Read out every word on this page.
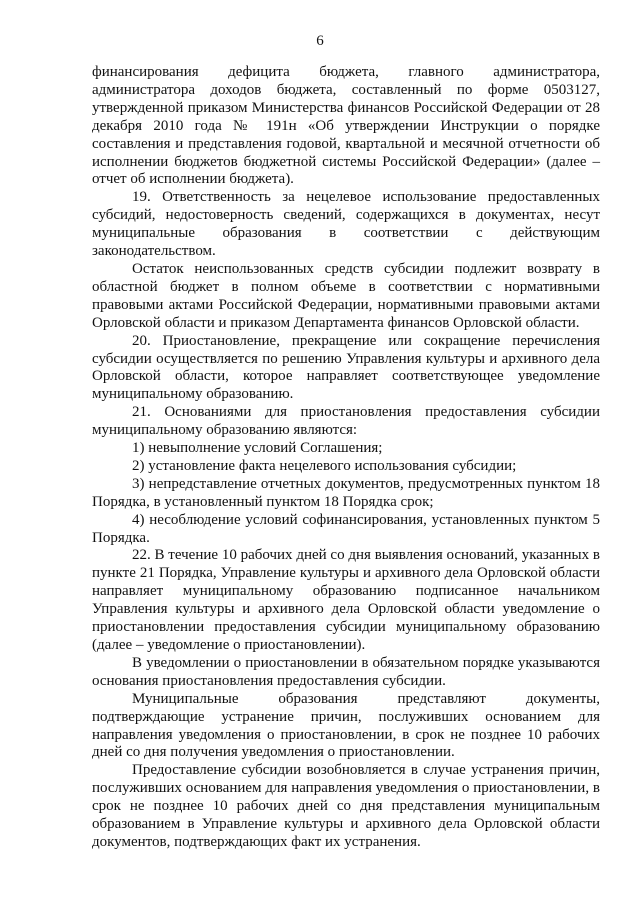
6

финансирования дефицита бюджета, главного администратора, администратора доходов бюджета, составленный по форме 0503127, утвержденной приказом Министерства финансов Российской Федерации от 28 декабря 2010 года № 191н «Об утверждении Инструкции о порядке составления и представления годовой, квартальной и месячной отчетности об исполнении бюджетов бюджетной системы Российской Федерации» (далее – отчет об исполнении бюджета).

19. Ответственность за нецелевое использование предоставленных субсидий, недостоверность сведений, содержащихся в документах, несут муниципальные образования в соответствии с действующим законодательством.

Остаток неиспользованных средств субсидии подлежит возврату в областной бюджет в полном объеме в соответствии с нормативными правовыми актами Российской Федерации, нормативными правовыми актами Орловской области и приказом Департамента финансов Орловской области.

20. Приостановление, прекращение или сокращение перечисления субсидии осуществляется по решению Управления культуры и архивного дела Орловской области, которое направляет соответствующее уведомление муниципальному образованию.

21. Основаниями для приостановления предоставления субсидии муниципальному образованию являются:

1) невыполнение условий Соглашения;

2) установление факта нецелевого использования субсидии;

3) непредставление отчетных документов, предусмотренных пунктом 18 Порядка, в установленный пунктом 18 Порядка срок;

4) несоблюдение условий софинансирования, установленных пунктом 5 Порядка.

22. В течение 10 рабочих дней со дня выявления оснований, указанных в пункте 21 Порядка, Управление культуры и архивного дела Орловской области направляет муниципальному образованию подписанное начальником Управления культуры и архивного дела Орловской области уведомление о приостановлении предоставления субсидии муниципальному образованию (далее – уведомление о приостановлении).

В уведомлении о приостановлении в обязательном порядке указываются основания приостановления предоставления субсидии.

Муниципальные образования представляют документы, подтверждающие устранение причин, послуживших основанием для направления уведомления о приостановлении, в срок не позднее 10 рабочих дней со дня получения уведомления о приостановлении.

Предоставление субсидии возобновляется в случае устранения причин, послуживших основанием для направления уведомления о приостановлении, в срок не позднее 10 рабочих дней со дня представления муниципальным образованием в Управление культуры и архивного дела Орловской области документов, подтверждающих факт их устранения.
